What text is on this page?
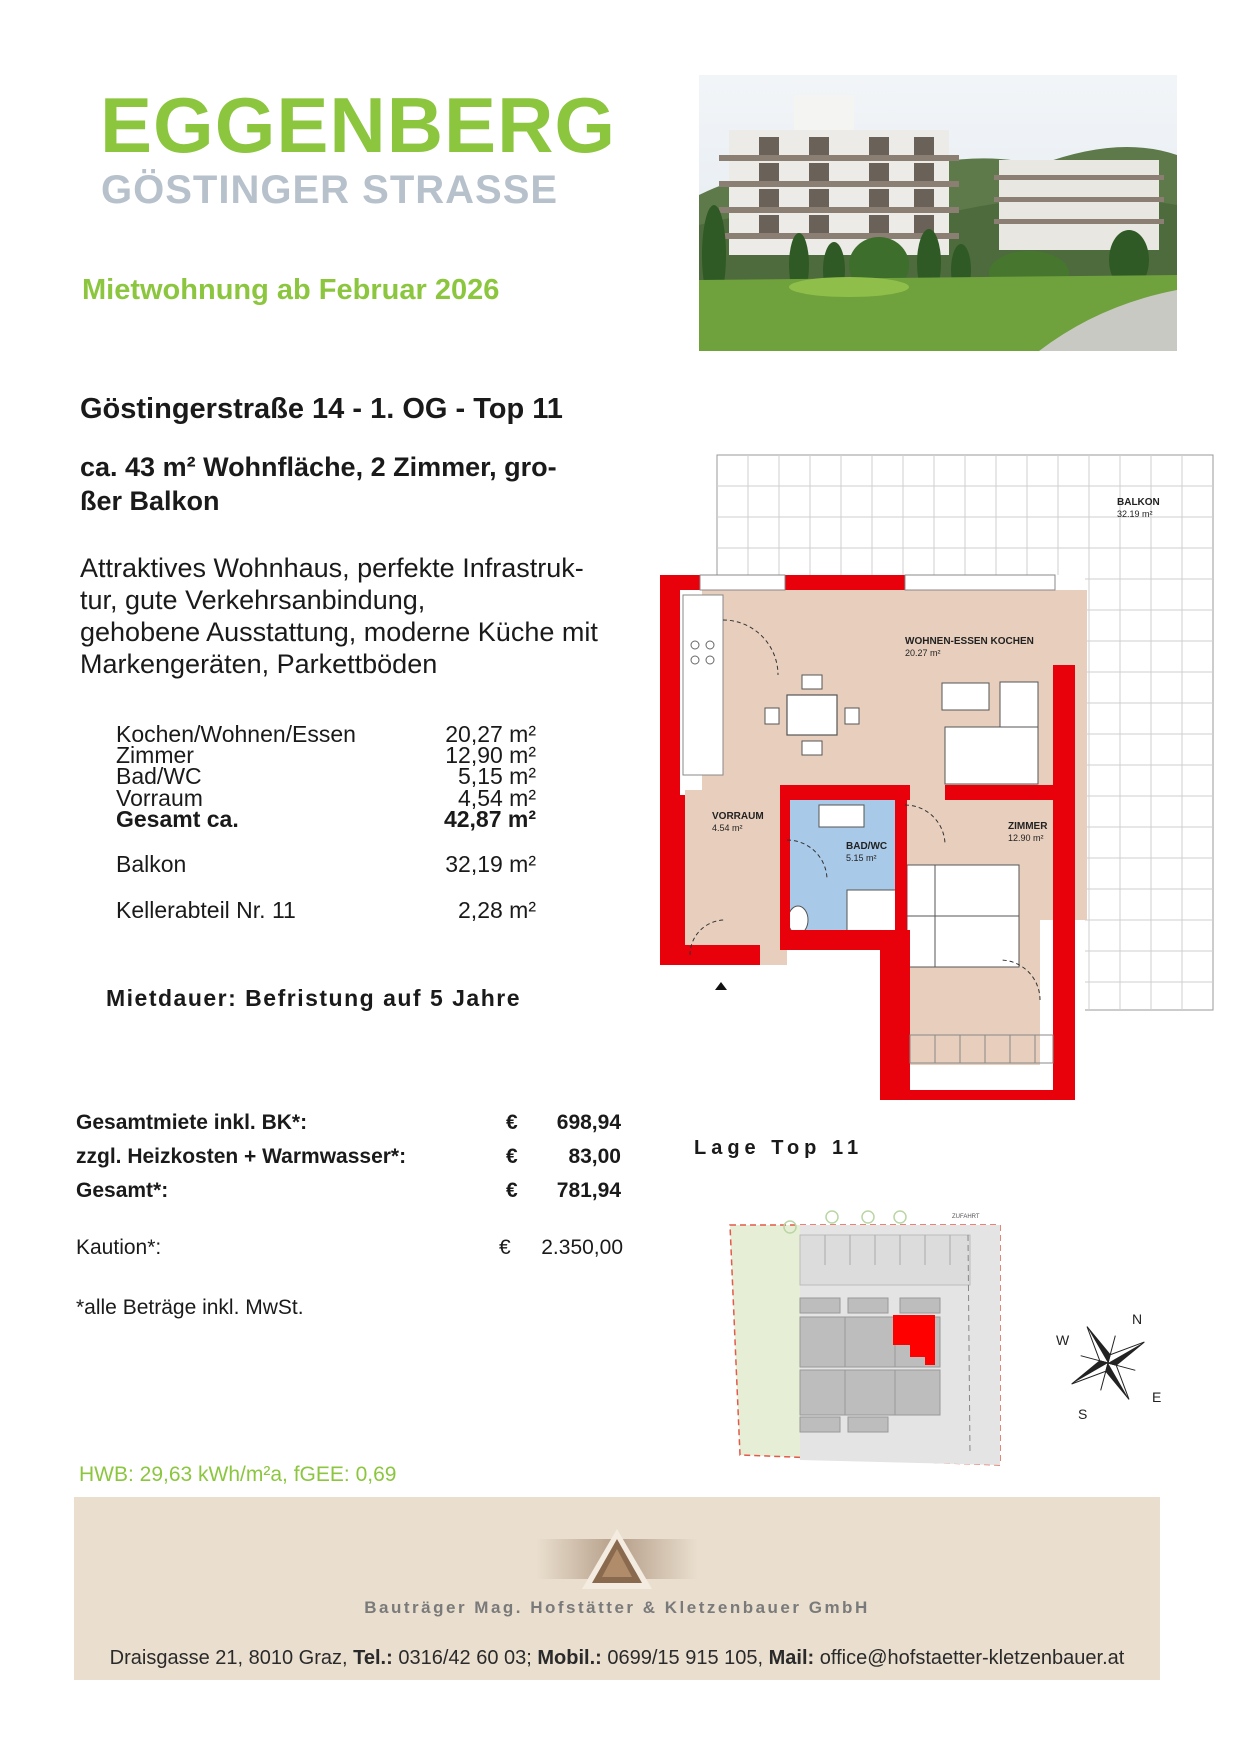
EGGENBERG
GÖSTINGER STRASSE
Mietwohnung ab Februar 2026
Göstingerstraße 14 - 1. OG - Top 11
ca. 43 m² Wohnfläche, 2 Zimmer, gro-
ßer Balkon
Attraktives Wohnhaus, perfekte Infrastruk-
tur, gute Verkehrsanbindung,
gehobene Ausstattung, moderne Küche mit
Markengeräten, Parkettböden
Kochen/Wohnen/Essen	20,27 m²
Zimmer	12,90 m²
Bad/WC	5,15 m²
Vorraum	4,54 m²
Gesamt ca.	42,87 m²
Balkon	32,19 m²
Kellerabteil Nr. 11	2,28 m²
Mietdauer: Befristung auf 5 Jahre
BALKON
32.19 m²
WOHNEN-ESSEN KOCHEN
20.27 m²
VORRAUM
4.54 m²
BAD/WC
5.15 m²
ZIMMER
12.90 m²
Gesamtmiete inkl. BK*:	€ 698,94
zzgl. Heizkosten + Warmwasser*:	€ 83,00
Gesamt*:	€ 781,94
Kaution*:	€ 2.350,00
*alle Beträge inkl. MwSt.
Lage Top 11
ZUFAHRT
N
E
S
W
HWB: 29,63 kWh/m²a, fGEE: 0,69
Bauträger Mag. Hofstätter & Kletzenbauer GmbH
Draisgasse 21, 8010 Graz, Tel.: 0316/42 60 03; Mobil.: 0699/15 915 105, Mail: office@hofstaetter-kletzenbauer.at
